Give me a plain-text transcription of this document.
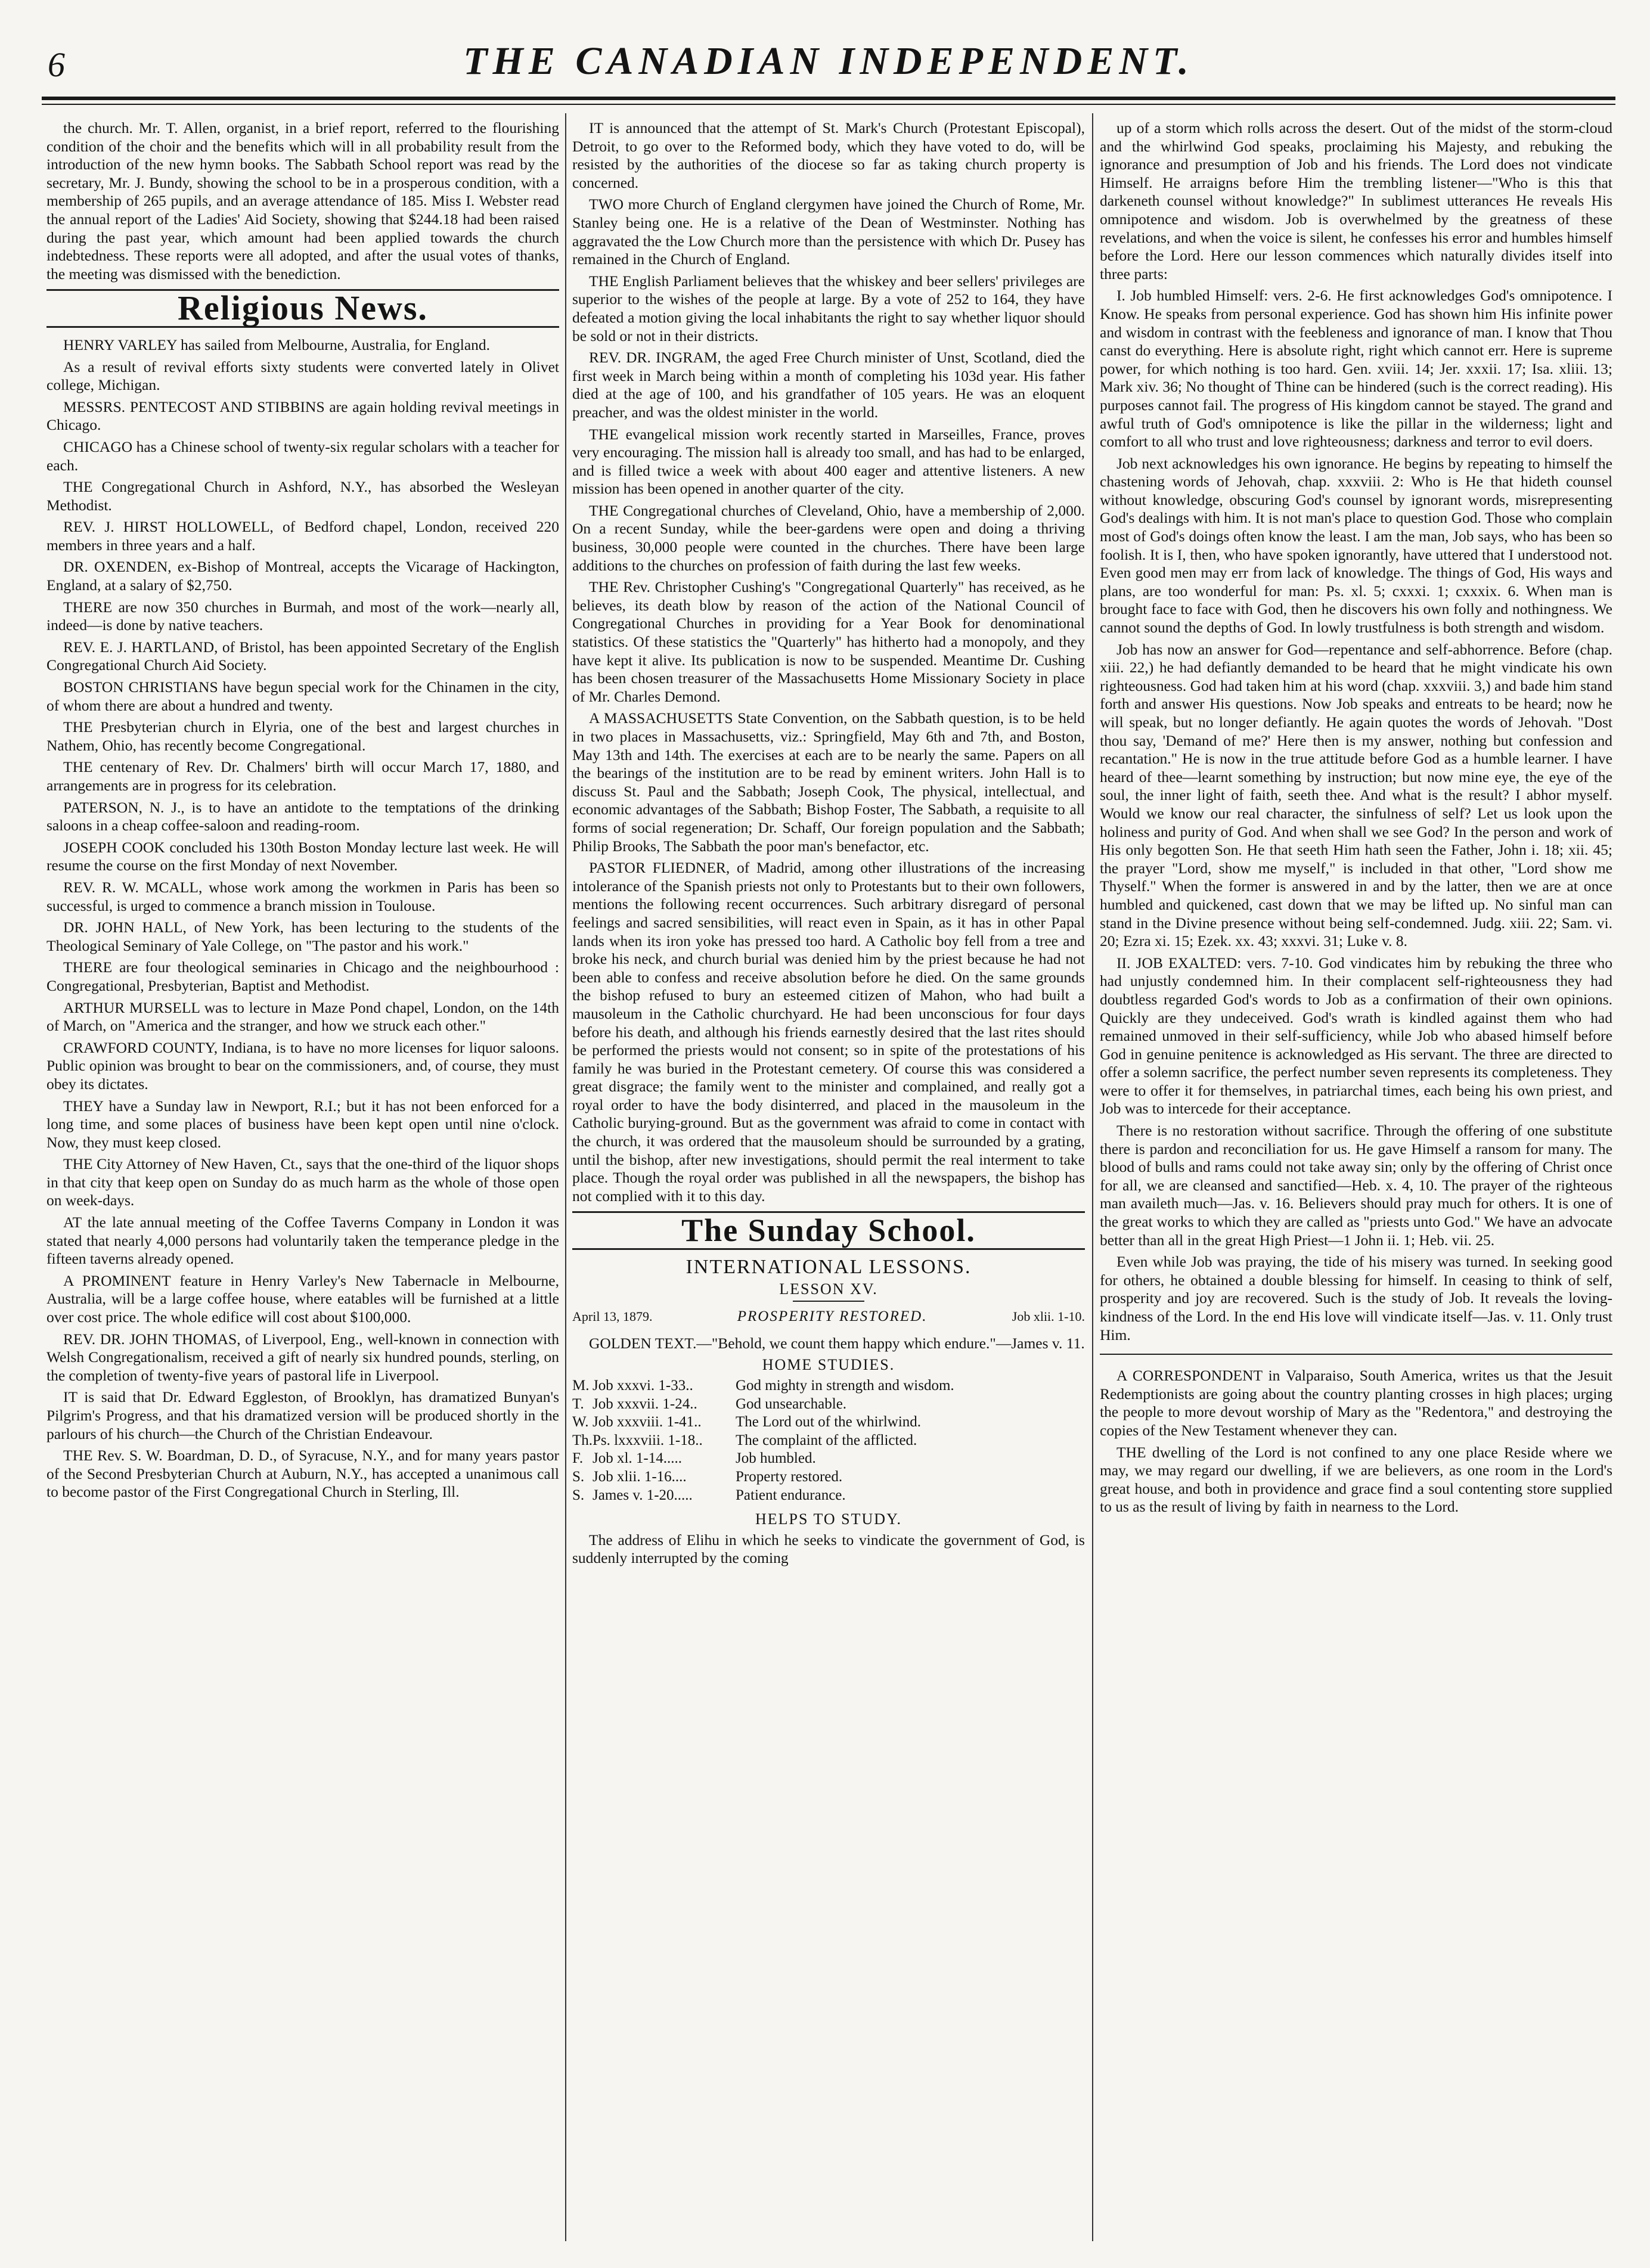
6	THE CANADIAN INDEPENDENT.

the church. Mr. T. Allen, organist, in a brief report, referred to the flourishing condition of the choir and the benefits which will in all probability result from the introduction of the new hymn books. The Sabbath School report was read by the secretary, Mr. J. Bundy, showing the school to be in a prosperous condition, with a membership of 265 pupils, and an average attendance of 185. Miss I. Webster read the annual report of the Ladies' Aid Society, showing that $244.18 had been raised during the past year, which amount had been applied towards the church indebtedness. These reports were all adopted, and after the usual votes of thanks, the meeting was dismissed with the benediction.

Religious News.

HENRY VARLEY has sailed from Melbourne, Australia, for England.

As a result of revival efforts sixty students were converted lately in Olivet college, Michigan.

MESSRS. PENTECOST AND STIBBINS are again holding revival meetings in Chicago.

CHICAGO has a Chinese school of twenty-six regular scholars with a teacher for each.

THE Congregational Church in Ashford, N.Y., has absorbed the Wesleyan Methodist.

REV. J. HIRST HOLLOWELL, of Bedford chapel, London, received 220 members in three years and a half.

DR. OXENDEN, ex-Bishop of Montreal, accepts the Vicarage of Hackington, England, at a salary of $2,750.

THERE are now 350 churches in Burmah, and most of the work—nearly all, indeed—is done by native teachers.

REV. E. J. HARTLAND, of Bristol, has been appointed Secretary of the English Congregational Church Aid Society.

BOSTON CHRISTIANS have begun special work for the Chinamen in the city, of whom there are about a hundred and twenty.

THE Presbyterian church in Elyria, one of the best and largest churches in Nathem, Ohio, has recently become Congregational.

THE centenary of Rev. Dr. Chalmers' birth will occur March 17, 1880, and arrangements are in progress for its celebration.

PATERSON, N. J., is to have an antidote to the temptations of the drinking saloons in a cheap coffee-saloon and reading-room.

JOSEPH COOK concluded his 130th Boston Monday lecture last week. He will resume the course on the first Monday of next November.

REV. R. W. MCALL, whose work among the workmen in Paris has been so successful, is urged to commence a branch mission in Toulouse.

DR. JOHN HALL, of New York, has been lecturing to the students of the Theological Seminary of Yale College, on "The pastor and his work."

THERE are four theological seminaries in Chicago and the neighbourhood : Congregational, Presbyterian, Baptist and Methodist.

ARTHUR MURSELL was to lecture in Maze Pond chapel, London, on the 14th of March, on "America and the stranger, and how we struck each other."

CRAWFORD COUNTY, Indiana, is to have no more licenses for liquor saloons. Public opinion was brought to bear on the commissioners, and, of course, they must obey its dictates.

THEY have a Sunday law in Newport, R.I.; but it has not been enforced for a long time, and some places of business have been kept open until nine o'clock. Now, they must keep closed.

THE City Attorney of New Haven, Ct., says that the one-third of the liquor shops in that city that keep open on Sunday do as much harm as the whole of those open on week-days.

AT the late annual meeting of the Coffee Taverns Company in London it was stated that nearly 4,000 persons had voluntarily taken the temperance pledge in the fifteen taverns already opened.

A PROMINENT feature in Henry Varley's New Tabernacle in Melbourne, Australia, will be a large coffee house, where eatables will be furnished at a little over cost price. The whole edifice will cost about $100,000.

REV. DR. JOHN THOMAS, of Liverpool, Eng., well-known in connection with Welsh Congregationalism, received a gift of nearly six hundred pounds, sterling, on the completion of twenty-five years of pastoral life in Liverpool.

IT is said that Dr. Edward Eggleston, of Brooklyn, has dramatized Bunyan's Pilgrim's Progress, and that his dramatized version will be produced shortly in the parlours of his church—the Church of the Christian Endeavour.

THE Rev. S. W. Boardman, D. D., of Syracuse, N.Y., and for many years pastor of the Second Presbyterian Church at Auburn, N.Y., has accepted a unanimous call to become pastor of the First Congregational Church in Sterling, Ill.

IT is announced that the attempt of St. Mark's Church (Protestant Episcopal), Detroit, to go over to the Reformed body, which they have voted to do, will be resisted by the authorities of the diocese so far as taking church property is concerned.

TWO more Church of England clergymen have joined the Church of Rome, Mr. Stanley being one. He is a relative of the Dean of Westminster. Nothing has aggravated the the Low Church more than the persistence with which Dr. Pusey has remained in the Church of England.

THE English Parliament believes that the whiskey and beer sellers' privileges are superior to the wishes of the people at large. By a vote of 252 to 164, they have defeated a motion giving the local inhabitants the right to say whether liquor should be sold or not in their districts.

REV. DR. INGRAM, the aged Free Church minister of Unst, Scotland, died the first week in March being within a month of completing his 103d year. His father died at the age of 100, and his grandfather of 105 years. He was an eloquent preacher, and was the oldest minister in the world.

THE evangelical mission work recently started in Marseilles, France, proves very encouraging. The mission hall is already too small, and has had to be enlarged, and is filled twice a week with about 400 eager and attentive listeners. A new mission has been opened in another quarter of the city.

THE Congregational churches of Cleveland, Ohio, have a membership of 2,000. On a recent Sunday, while the beer-gardens were open and doing a thriving business, 30,000 people were counted in the churches. There have been large additions to the churches on profession of faith during the last few weeks.

THE Rev. Christopher Cushing's "Congregational Quarterly" has received, as he believes, its death blow by reason of the action of the National Council of Congregational Churches in providing for a Year Book for denominational statistics. Of these statistics the "Quarterly" has hitherto had a monopoly, and they have kept it alive. Its publication is now to be suspended. Meantime Dr. Cushing has been chosen treasurer of the Massachusetts Home Missionary Society in place of Mr. Charles Demond.

A MASSACHUSETTS State Convention, on the Sabbath question, is to be held in two places in Massachusetts, viz.: Springfield, May 6th and 7th, and Boston, May 13th and 14th. The exercises at each are to be nearly the same. Papers on all the bearings of the institution are to be read by eminent writers. John Hall is to discuss St. Paul and the Sabbath; Joseph Cook, The physical, intellectual, and economic advantages of the Sabbath; Bishop Foster, The Sabbath, a requisite to all forms of social regeneration; Dr. Schaff, Our foreign population and the Sabbath; Philip Brooks, The Sabbath the poor man's benefactor, etc.

PASTOR FLIEDNER, of Madrid, among other illustrations of the increasing intolerance of the Spanish priests not only to Protestants but to their own followers, mentions the following recent occurrences. Such arbitrary disregard of personal feelings and sacred sensibilities, will react even in Spain, as it has in other Papal lands when its iron yoke has pressed too hard. A Catholic boy fell from a tree and broke his neck, and church burial was denied him by the priest because he had not been able to confess and receive absolution before he died. On the same grounds the bishop refused to bury an esteemed citizen of Mahon, who had built a mausoleum in the Catholic churchyard. He had been unconscious for four days before his death, and although his friends earnestly desired that the last rites should be performed the priests would not consent; so in spite of the protestations of his family he was buried in the Protestant cemetery. Of course this was considered a great disgrace; the family went to the minister and complained, and really got a royal order to have the body disinterred, and placed in the mausoleum in the Catholic burying-ground. But as the government was afraid to come in contact with the church, it was ordered that the mausoleum should be surrounded by a grating, until the bishop, after new investigations, should permit the real interment to take place. Though the royal order was published in all the newspapers, the bishop has not complied with it to this day.

The Sunday School.

INTERNATIONAL LESSONS.

LESSON XV.

April 13, 1879.	PROSPERITY RESTORED.	Job xlii. 1-10.

GOLDEN TEXT.—"Behold, we count them happy which endure."—James v. 11.

HOME STUDIES.

M. Job xxxvi. 1-33..	God mighty in strength and wisdom.
T. Job xxxvii. 1-24..	God unsearchable.
W. Job xxxviii. 1-41..	The Lord out of the whirlwind.
Th. Ps. lxxxviii. 1-18..	The complaint of the afflicted.
F. Job xl. 1-14.....	Job humbled.
S. Job xlii. 1-16....	Property restored.
S. James v. 1-20.....	Patient endurance.

HELPS TO STUDY.

The address of Elihu in which he seeks to vindicate the government of God, is suddenly interrupted by the coming

up of a storm which rolls across the desert. Out of the midst of the storm-cloud and the whirlwind God speaks, proclaiming his Majesty, and rebuking the ignorance and presumption of Job and his friends. The Lord does not vindicate Himself. He arraigns before Him the trembling listener—"Who is this that darkeneth counsel without knowledge?" In sublimest utterances He reveals His omnipotence and wisdom. Job is overwhelmed by the greatness of these revelations, and when the voice is silent, he confesses his error and humbles himself before the Lord. Here our lesson commences which naturally divides itself into three parts:

I. Job humbled Himself: vers. 2-6. He first acknowledges God's omnipotence. I Know. He speaks from personal experience. God has shown him His infinite power and wisdom in contrast with the feebleness and ignorance of man. I know that Thou canst do everything. Here is absolute right, right which cannot err. Here is supreme power, for which nothing is too hard. Gen. xviii. 14; Jer. xxxii. 17; Isa. xliii. 13; Mark xiv. 36; No thought of Thine can be hindered (such is the correct reading). His purposes cannot fail. The progress of His kingdom cannot be stayed. The grand and awful truth of God's omnipotence is like the pillar in the wilderness; light and comfort to all who trust and love righteousness; darkness and terror to evil doers.

Job next acknowledges his own ignorance. He begins by repeating to himself the chastening words of Jehovah, chap. xxxviii. 2: Who is He that hideth counsel without knowledge, obscuring God's counsel by ignorant words, misrepresenting God's dealings with him. It is not man's place to question God. Those who complain most of God's doings often know the least. I am the man, Job says, who has been so foolish. It is I, then, who have spoken ignorantly, have uttered that I understood not. Even good men may err from lack of knowledge. The things of God, His ways and plans, are too wonderful for man: Ps. xl. 5; cxxxi. 1; cxxxix. 6. When man is brought face to face with God, then he discovers his own folly and nothingness. We cannot sound the depths of God. In lowly trustfulness is both strength and wisdom.

Job has now an answer for God—repentance and self-abhorrence. Before (chap. xiii. 22,) he had defiantly demanded to be heard that he might vindicate his own righteousness. God had taken him at his word (chap. xxxviii. 3,) and bade him stand forth and answer His questions. Now Job speaks and entreats to be heard; now he will speak, but no longer defiantly. He again quotes the words of Jehovah. "Dost thou say, 'Demand of me?' Here then is my answer, nothing but confession and recantation." He is now in the true attitude before God as a humble learner. I have heard of thee—learnt something by instruction; but now mine eye, the eye of the soul, the inner light of faith, seeth thee. And what is the result? I abhor myself. Would we know our real character, the sinfulness of self? Let us look upon the holiness and purity of God. And when shall we see God? In the person and work of His only begotten Son. He that seeth Him hath seen the Father, John i. 18; xii. 45; the prayer "Lord, show me myself," is included in that other, "Lord show me Thyself." When the former is answered in and by the latter, then we are at once humbled and quickened, cast down that we may be lifted up. No sinful man can stand in the Divine presence without being self-condemned. Judg. xiii. 22; Sam. vi. 20; Ezra xi. 15; Ezek. xx. 43; xxxvi. 31; Luke v. 8.

II. JOB EXALTED: vers. 7-10. God vindicates him by rebuking the three who had unjustly condemned him. In their complacent self-righteousness they had doubtless regarded God's words to Job as a confirmation of their own opinions. Quickly are they undeceived. God's wrath is kindled against them who had remained unmoved in their self-sufficiency, while Job who abased himself before God in genuine penitence is acknowledged as His servant. The three are directed to offer a solemn sacrifice, the perfect number seven represents its completeness. They were to offer it for themselves, in patriarchal times, each being his own priest, and Job was to intercede for their acceptance.

There is no restoration without sacrifice. Through the offering of one substitute there is pardon and reconciliation for us. He gave Himself a ransom for many. The blood of bulls and rams could not take away sin; only by the offering of Christ once for all, we are cleansed and sanctified—Heb. x. 4, 10. The prayer of the righteous man availeth much—Jas. v. 16. Believers should pray much for others. It is one of the great works to which they are called as "priests unto God." We have an advocate better than all in the great High Priest—1 John ii. 1; Heb. vii. 25.

Even while Job was praying, the tide of his misery was turned. In seeking good for others, he obtained a double blessing for himself. In ceasing to think of self, prosperity and joy are recovered. Such is the study of Job. It reveals the loving-kindness of the Lord. In the end His love will vindicate itself—Jas. v. 11. Only trust Him.

A CORRESPONDENT in Valparaiso, South America, writes us that the Jesuit Redemptionists are going about the country planting crosses in high places; urging the people to more devout worship of Mary as the "Redentora," and destroying the copies of the New Testament whenever they can.

THE dwelling of the Lord is not confined to any one place Reside where we may, we may regard our dwelling, if we are believers, as one room in the Lord's great house, and both in providence and grace find a soul contenting store supplied to us as the result of living by faith in nearness to the Lord.
